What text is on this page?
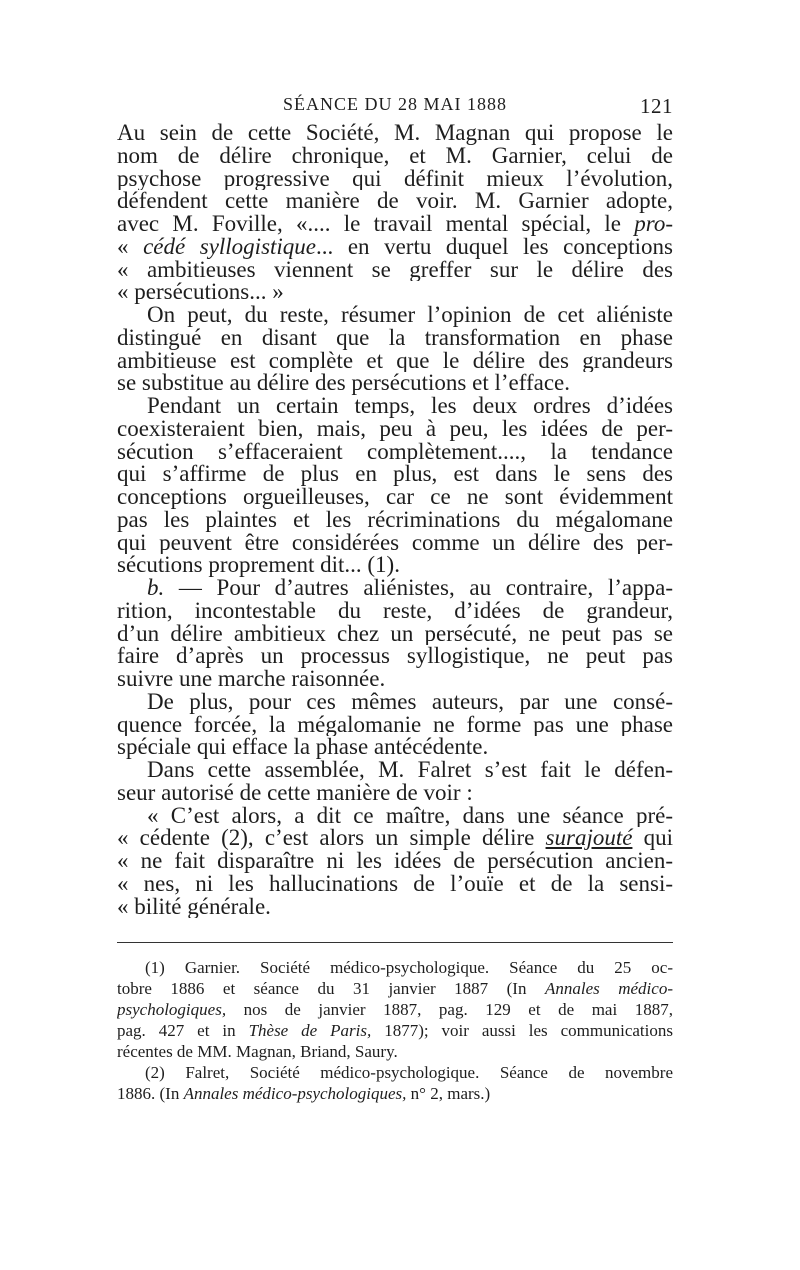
SÉANCE DU 28 MAI 1888	121
Au sein de cette Société, M. Magnan qui propose le
nom de délire chronique, et M. Garnier, celui de
psychose progressive qui définit mieux l’évolution,
défendent cette manière de voir. M. Garnier adopte,
avec M. Foville, «.... le travail mental spécial, le pro-
« cédé syllogistique... en vertu duquel les conceptions
« ambitieuses viennent se greffer sur le délire des
« persécutions... »
On peut, du reste, résumer l’opinion de cet aliéniste
distingué en disant que la transformation en phase
ambitieuse est complète et que le délire des grandeurs
se substitue au délire des persécutions et l’efface.
Pendant un certain temps, les deux ordres d’idées
coexisteraient bien, mais, peu à peu, les idées de per-
sécution s’effaceraient complètement...., la tendance
qui s’affirme de plus en plus, est dans le sens des
conceptions orgueilleuses, car ce ne sont évidemment
pas les plaintes et les récriminations du mégalomane
qui peuvent être considérées comme un délire des per-
sécutions proprement dit... (1).
b. — Pour d’autres aliénistes, au contraire, l’appa-
rition, incontestable du reste, d’idées de grandeur,
d’un délire ambitieux chez un persécuté, ne peut pas se
faire d’après un processus syllogistique, ne peut pas
suivre une marche raisonnée.
De plus, pour ces mêmes auteurs, par une consé-
quence forcée, la mégalomanie ne forme pas une phase
spéciale qui efface la phase antécédente.
Dans cette assemblée, M. Falret s’est fait le défen-
seur autorisé de cette manière de voir :
« C’est alors, a dit ce maître, dans une séance pré-
« cédente (2), c’est alors un simple délire surajouté qui
« ne fait disparaître ni les idées de persécution ancien-
« nes, ni les hallucinations de l’ouïe et de la sensi-
« bilité générale.
(1) Garnier. Société médico-psychologique. Séance du 25 oc-
tobre 1886 et séance du 31 janvier 1887 (In Annales médico-
psychologiques, nos de janvier 1887, pag. 129 et de mai 1887,
pag. 427 et in Thèse de Paris, 1877); voir aussi les communications
récentes de MM. Magnan, Briand, Saury.
(2) Falret, Société médico-psychologique. Séance de novembre
1886. (In Annales médico-psychologiques, n° 2, mars.)
